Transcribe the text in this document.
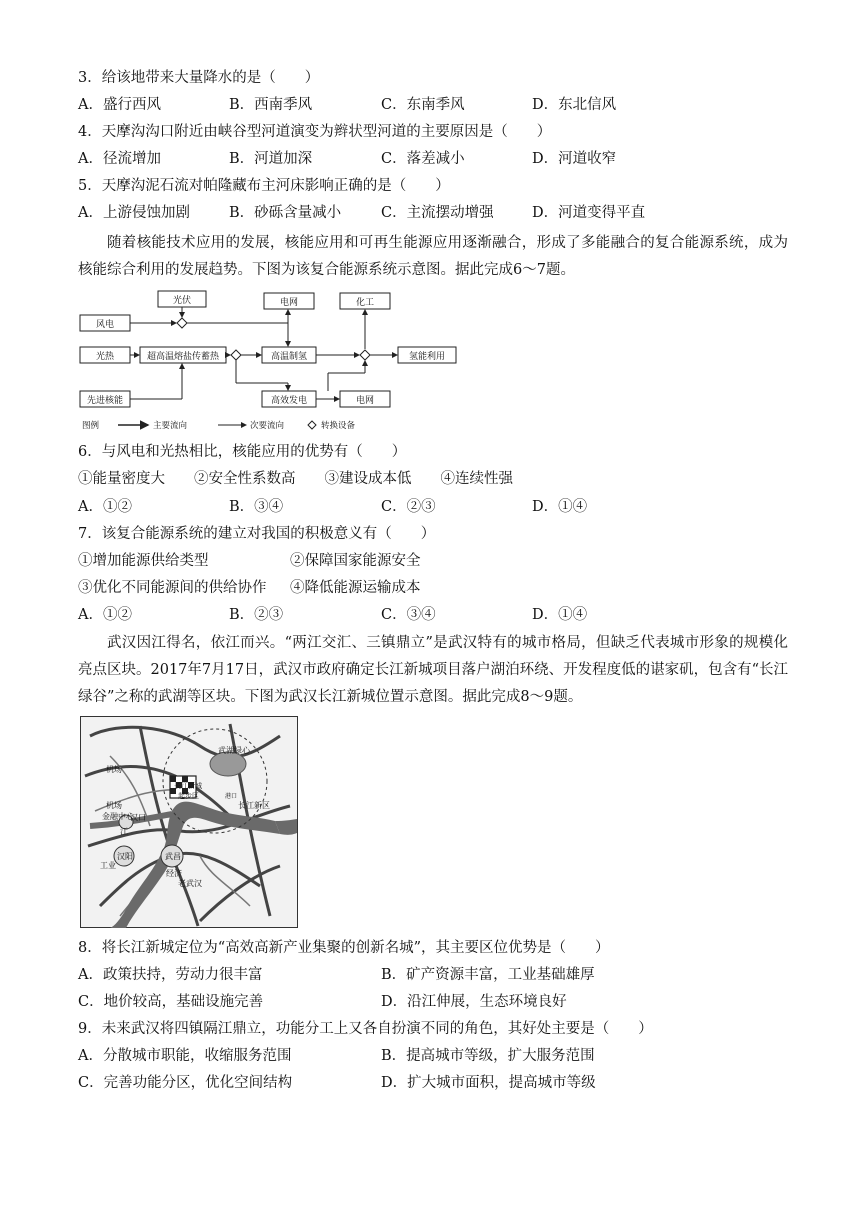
3．给该地带来大量降水的是（　　）
A．盛行西风	B．西南季风	C．东南季风	D．东北信风
4．天摩沟沟口附近由峡谷型河道演变为辫状型河道的主要原因是（　　）
A．径流增加	B．河道加深	C．落差减小	D．河道收窄
5．天摩沟泥石流对帕隆藏布主河床影响正确的是（　　）
A．上游侵蚀加剧	B．砂砾含量减小	C．主流摆动增强	D．河道变得平直
随着核能技术应用的发展，核能应用和可再生能源应用逐渐融合，形成了多能融合的复合能源系统，成为核能综合利用的发展趋势。下图为该复合能源系统示意图。据此完成6～7题。
风电
光伏
光热
先进核能
超高温熔盐传蓄热
电网	化工
高温制氢	氢能利用
高效发电	电网
图例	主要流向	次要流向	转换设备
6．与风电和光热相比，核能应用的优势有（　　）
①能量密度大　　②安全性系数高　　③建设成本低　　④连续性强
A．①②	B．③④	C．②③	D．①④
7．该复合能源系统的建立对我国的积极意义有（　　）
①增加能源供给类型	②保障国家能源安全
③优化不同能源间的供给协作 ④降低能源运输成本
A．①②	B．②③	C．③④	D．①④
武汉因江得名，依江而兴。“两江交汇、三镇鼎立”是武汉特有的城市格局，但缺乏代表城市形象的规模化亮点区块。2017年7月17日，武汉市政府确定长江新城项目落户湖泊环绕、开发程度低的谌家矶，包含有“长江绿谷”之称的武湖等区块。下图为武汉长江新城位置示意图。据此完成8～9题。
机场
机场
武湖绿心
长江新城
起步区
长江新区
港口
金融中心
汉口
江
汉阳
工业
武昌
经济
老武汉
8．将长江新城定位为“高效高新产业集聚的创新名城”，其主要区位优势是（　　）
A．政策扶持，劳动力很丰富	B．矿产资源丰富，工业基础雄厚
C．地价较高，基础设施完善	D．沿江伸展，生态环境良好
9．未来武汉将四镇隔江鼎立，功能分工上又各自扮演不同的角色，其好处主要是（　　）
A．分散城市职能，收缩服务范围	B．提高城市等级，扩大服务范围
C．完善功能分区，优化空间结构	D．扩大城市面积，提高城市等级
